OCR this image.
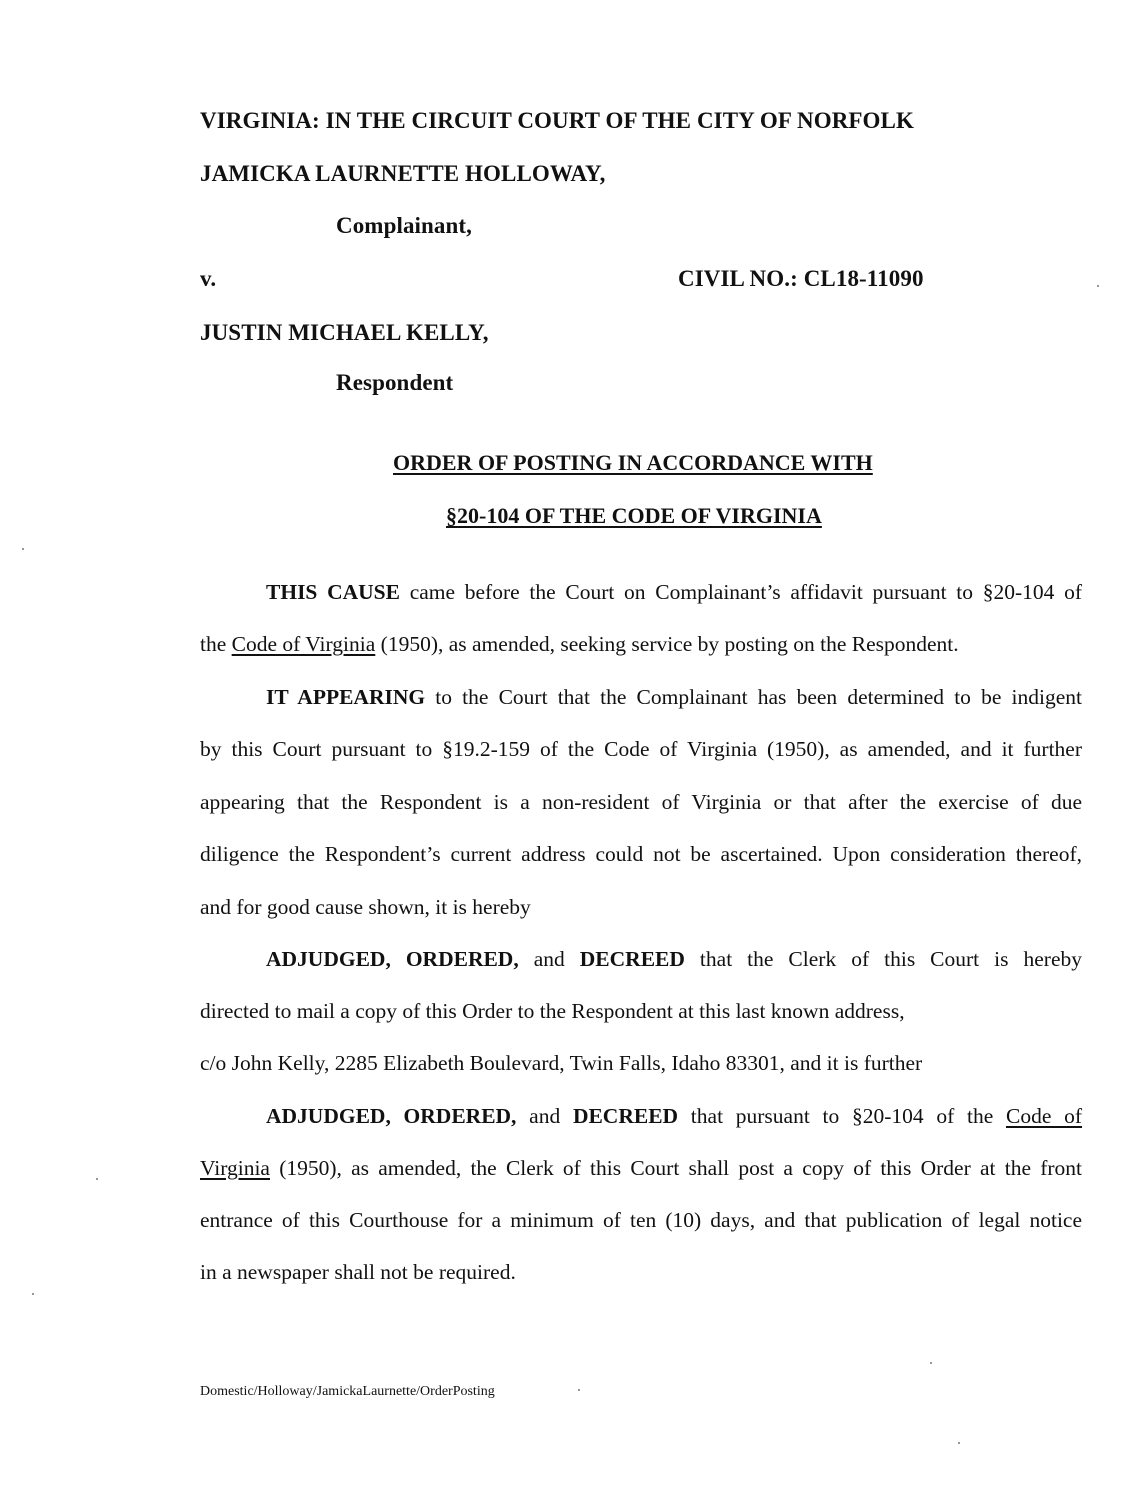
VIRGINIA: IN THE CIRCUIT COURT OF THE CITY OF NORFOLK
JAMICKA LAURNETTE HOLLOWAY,
Complainant,
v.	CIVIL NO.: CL18-11090
JUSTIN MICHAEL KELLY,
Respondent
ORDER OF POSTING IN ACCORDANCE WITH
§20-104 OF THE CODE OF VIRGINIA
THIS CAUSE came before the Court on Complainant’s affidavit pursuant to §20-104 of
the Code of Virginia (1950), as amended, seeking service by posting on the Respondent.
IT APPEARING to the Court that the Complainant has been determined to be indigent
by this Court pursuant to §19.2-159 of the Code of Virginia (1950), as amended, and it further
appearing that the Respondent is a non-resident of Virginia or that after the exercise of due
diligence the Respondent’s current address could not be ascertained. Upon consideration thereof,
and for good cause shown, it is hereby
ADJUDGED, ORDERED, and DECREED that the Clerk of this Court is hereby
directed to mail a copy of this Order to the Respondent at this last known address,
c/o John Kelly, 2285 Elizabeth Boulevard, Twin Falls, Idaho 83301, and it is further
ADJUDGED, ORDERED, and DECREED that pursuant to §20-104 of the Code of
Virginia (1950), as amended, the Clerk of this Court shall post a copy of this Order at the front
entrance of this Courthouse for a minimum of ten (10) days, and that publication of legal notice
in a newspaper shall not be required.
Domestic/Holloway/JamickaLaurnette/OrderPosting
